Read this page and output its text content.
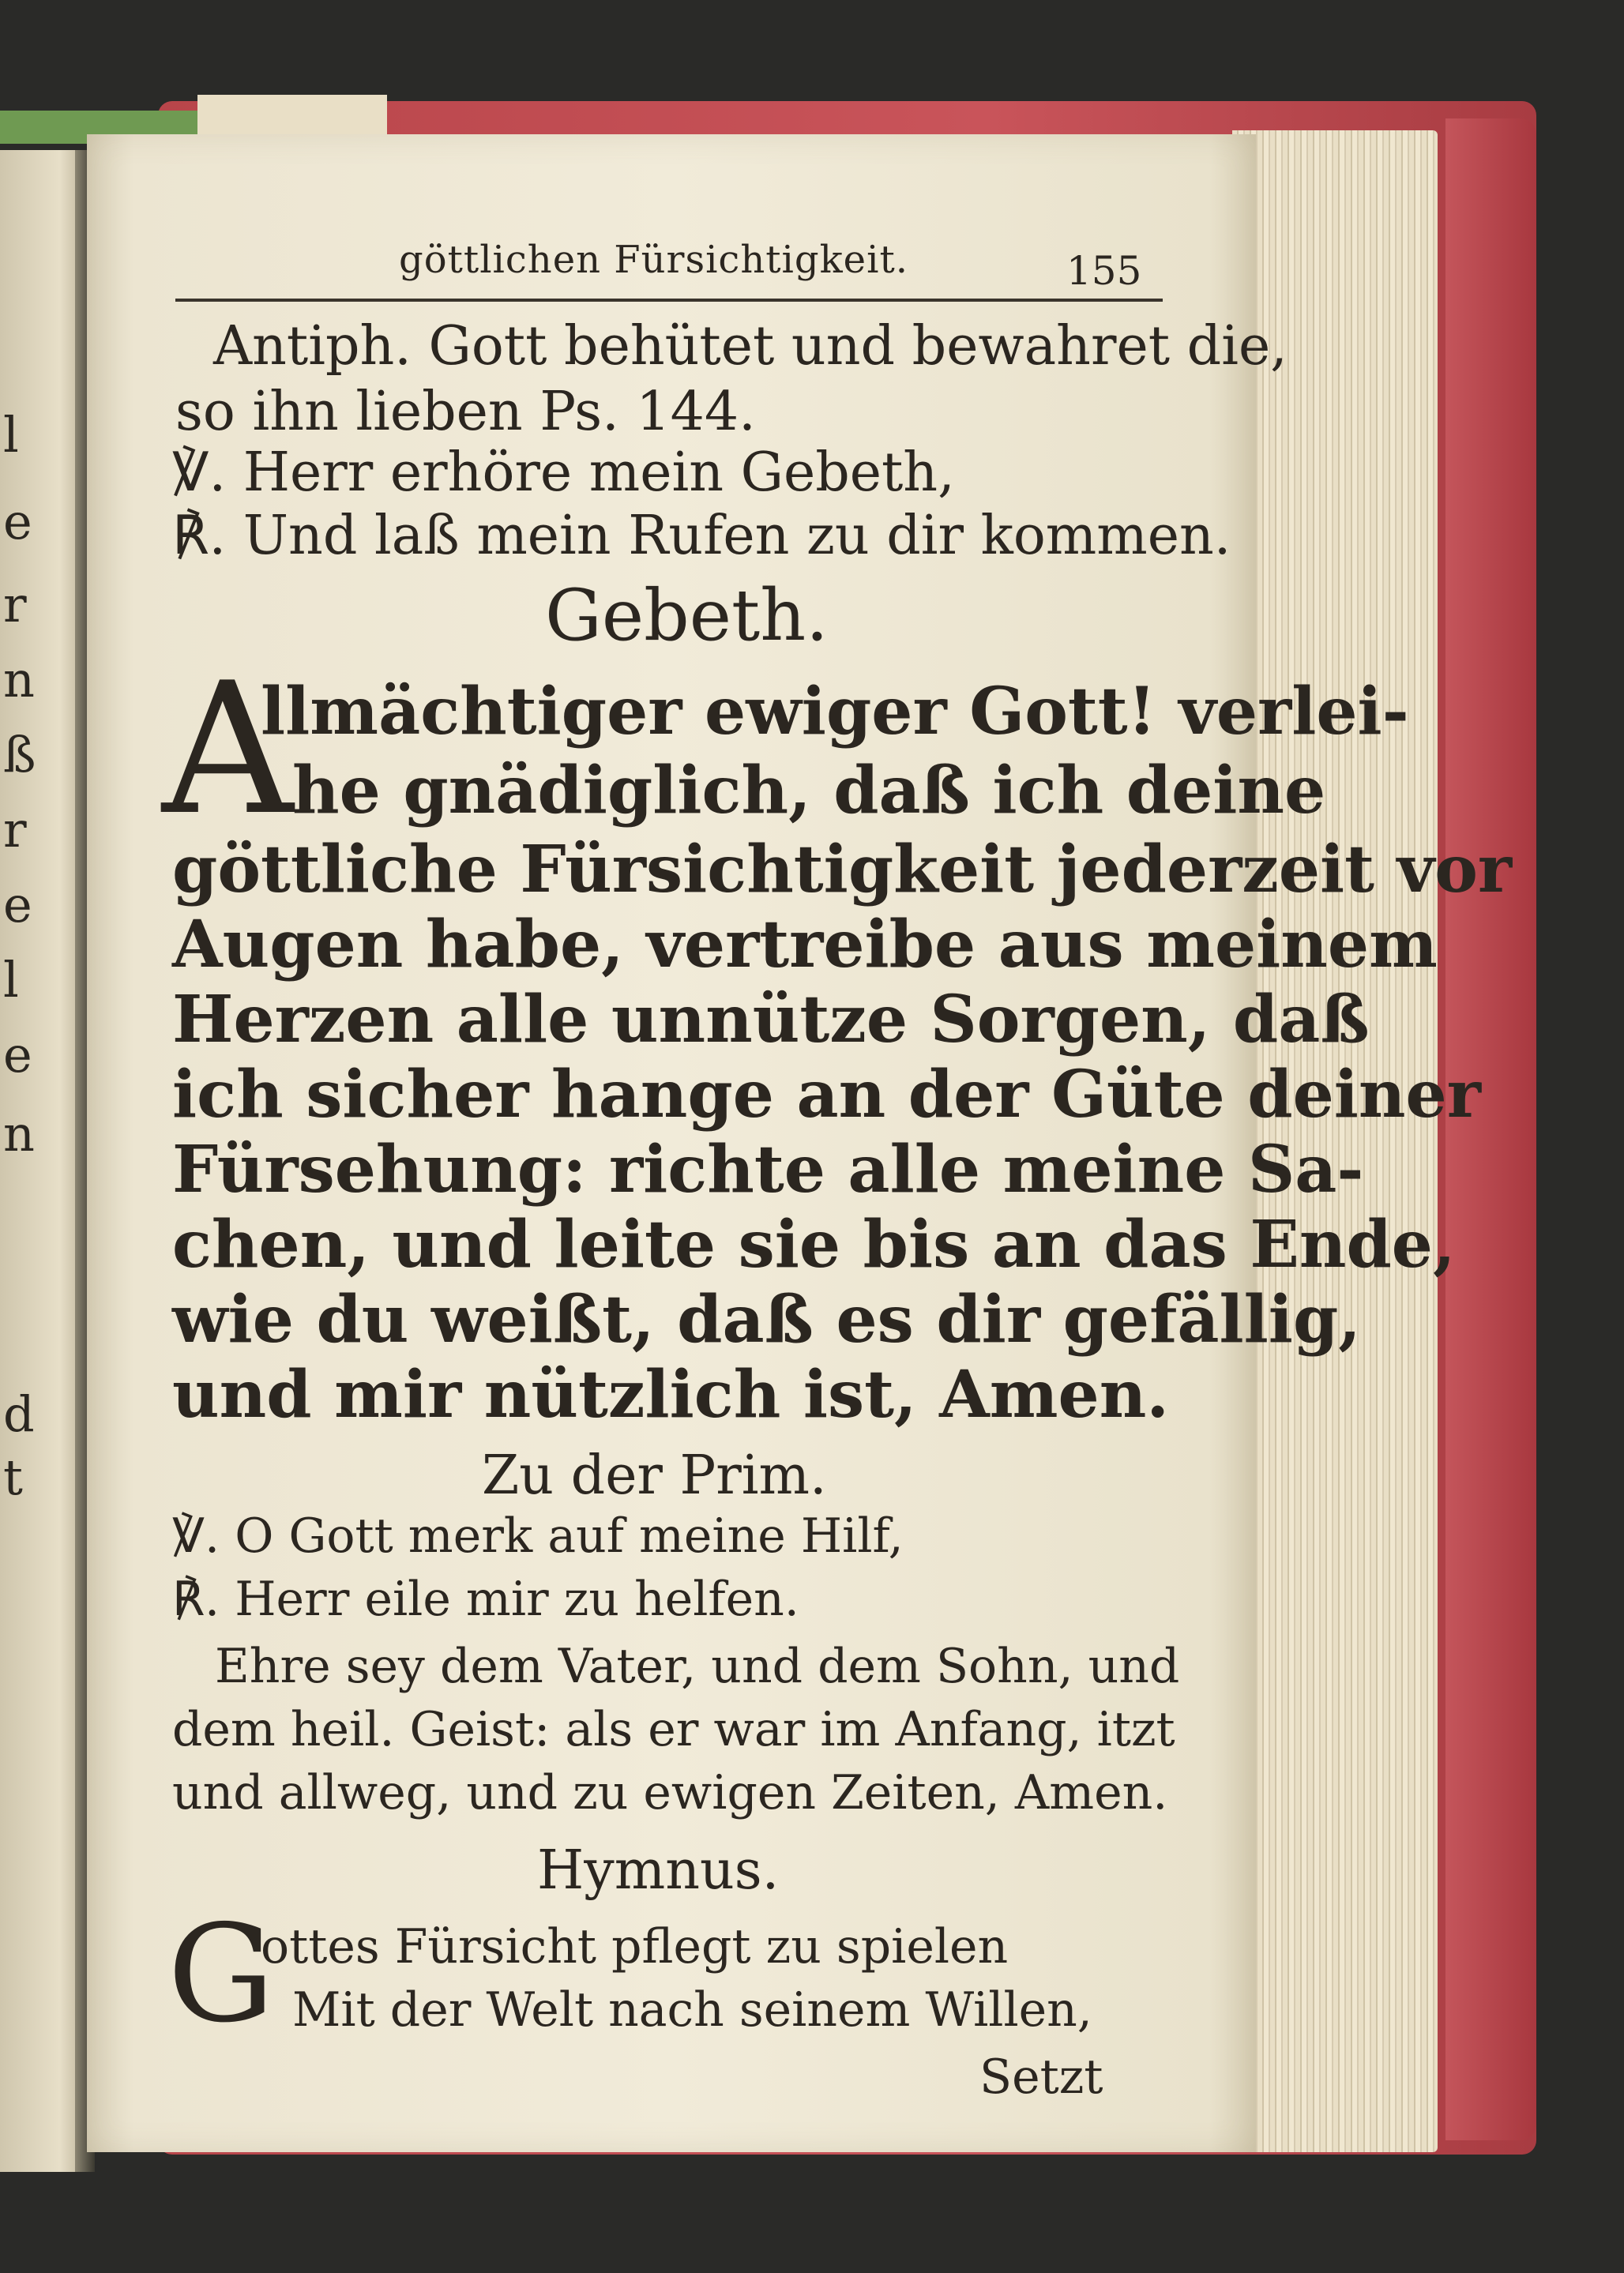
l
e
r
n
ß
r
e
l
e
n
d
t
göttlichen Fürsichtigkeit.	155
Antiph. Gott behütet und bewahret die,
so ihn lieben Ps. 144.
℣. Herr erhöre mein Gebeth,
℟. Und laß mein Rufen zu dir kommen.
Gebeth.
A
llmächtiger ewiger Gott! verlei-
he gnädiglich, daß ich deine
göttliche Fürsichtigkeit jederzeit vor
Augen habe, vertreibe aus meinem
Herzen alle unnütze Sorgen, daß
ich sicher hange an der Güte deiner
Fürsehung: richte alle meine Sa-
chen, und leite sie bis an das Ende,
wie du weißt, daß es dir gefällig,
und mir nützlich ist, Amen.
Zu der Prim.
℣. O Gott merk auf meine Hilf,
℟. Herr eile mir zu helfen.
Ehre sey dem Vater, und dem Sohn, und
dem heil. Geist: als er war im Anfang, itzt
und allweg, und zu ewigen Zeiten, Amen.
Hymnus.
G
ottes Fürsicht pflegt zu spielen
Mit der Welt nach seinem Willen,
Setzt
